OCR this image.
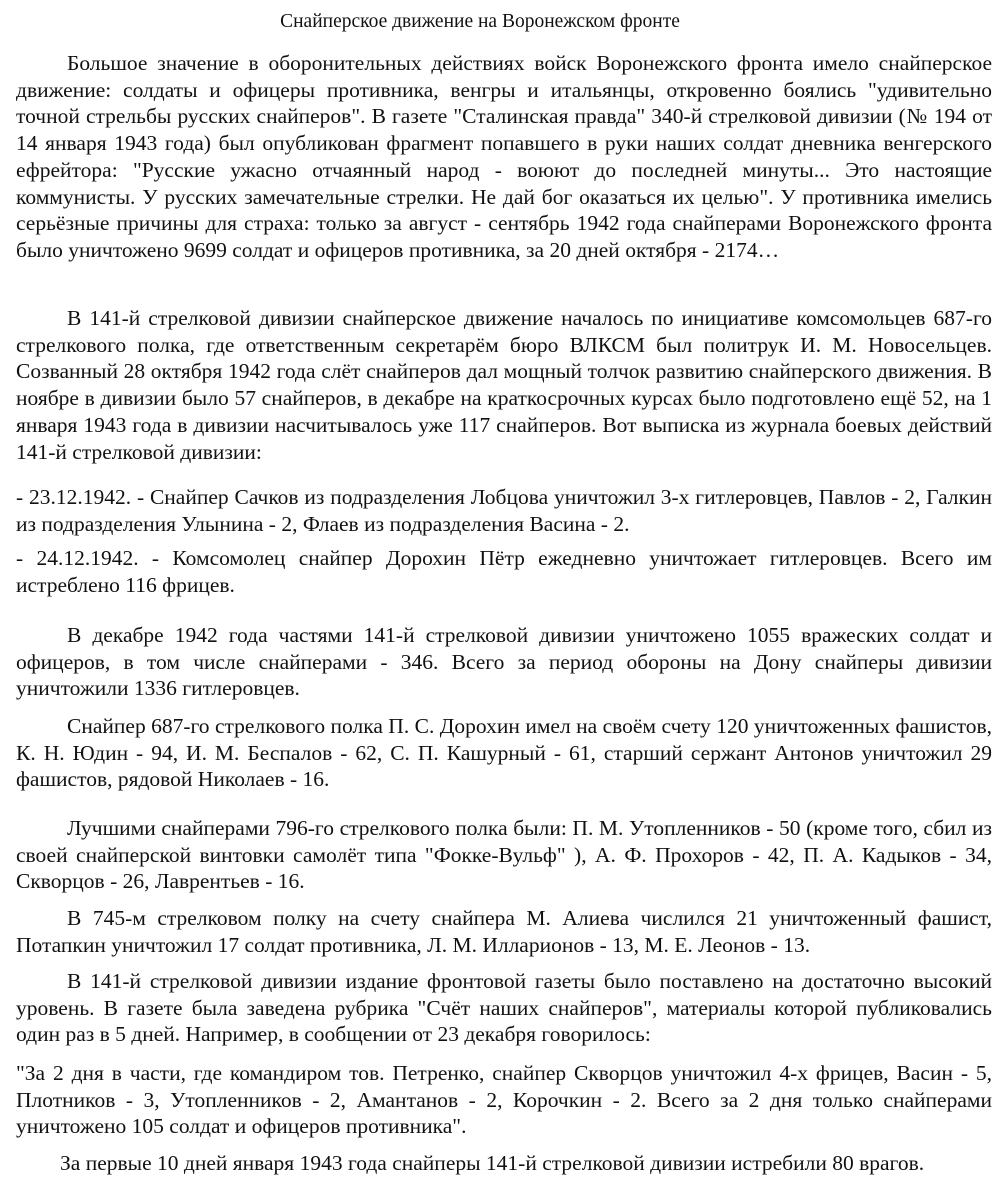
Снайперское движение на Воронежском фронте
Большое значение в оборонительных действиях войск Воронежского фронта имело снайперское движение: солдаты и офицеры противника, венгры и итальянцы, откровенно боялись "удивительно точной стрельбы русских снайперов". В газете "Сталинская правда" 340-й стрелковой дивизии (№ 194 от 14 января 1943 года) был опубликован фрагмент попавшего в руки наших солдат дневника венгерского ефрейтора: "Русские ужасно отчаянный народ - воюют до последней минуты... Это настоящие коммунисты. У русских замечательные стрелки. Не дай бог оказаться их целью". У противника имелись серьёзные причины для страха: только за август - сентябрь 1942 года снайперами Воронежского фронта было уничтожено 9699 солдат и офицеров противника, за 20 дней октября - 2174…
В 141-й стрелковой дивизии снайперское движение началось по инициативе комсомольцев 687-го стрелкового полка, где ответственным секретарём бюро ВЛКСМ был политрук И. М. Новосельцев. Созванный 28 октября 1942 года слёт снайперов дал мощный толчок развитию снайперского движения. В ноябре в дивизии было 57 снайперов, в декабре на краткосрочных курсах было подготовлено ещё 52, на 1 января 1943 года в дивизии насчитывалось уже 117 снайперов. Вот выписка из журнала боевых действий 141-й стрелковой дивизии:
- 23.12.1942. - Снайпер Сачков из подразделения Лобцова уничтожил 3-х гитлеровцев, Павлов - 2, Галкин из подразделения Улынина - 2, Флаев из подразделения Васина - 2.
- 24.12.1942. - Комсомолец снайпер Дорохин Пётр ежедневно уничтожает гитлеровцев. Всего им истреблено 116 фрицев.
В декабре 1942 года частями 141-й стрелковой дивизии уничтожено 1055 вражеских солдат и офицеров, в том числе снайперами - 346. Всего за период обороны на Дону снайперы дивизии уничтожили 1336 гитлеровцев.
Снайпер 687-го стрелкового полка П. С. Дорохин имел на своём счету 120 уничтоженных фашистов, К. Н. Юдин - 94, И. М. Беспалов - 62, С. П. Кашурный - 61, старший сержант Антонов уничтожил 29 фашистов, рядовой Николаев - 16.
Лучшими снайперами 796-го стрелкового полка были: П. М. Утопленников - 50 (кроме того, сбил из своей снайперской винтовки самолёт типа "Фокке-Вульф" ), А. Ф. Прохоров - 42, П. А. Кадыков - 34, Скворцов - 26, Лаврентьев - 16.
В 745-м стрелковом полку на счету снайпера М. Алиева числился 21 уничтоженный фашист, Потапкин уничтожил 17 солдат противника, Л. М. Илларионов - 13, М. Е. Леонов - 13.
В 141-й стрелковой дивизии издание фронтовой газеты было поставлено на достаточно высокий уровень. В газете была заведена рубрика "Счёт наших снайперов", материалы которой публиковались один раз в 5 дней. Например, в сообщении от 23 декабря говорилось:
"За 2 дня в части, где командиром тов. Петренко, снайпер Скворцов уничтожил 4-х фрицев, Васин - 5, Плотников - 3, Утопленников - 2, Амантанов - 2, Корочкин - 2. Всего за 2 дня только снайперами уничтожено 105 солдат и офицеров противника".
За первые 10 дней января 1943 года снайперы 141-й стрелковой дивизии истребили 80 врагов.
